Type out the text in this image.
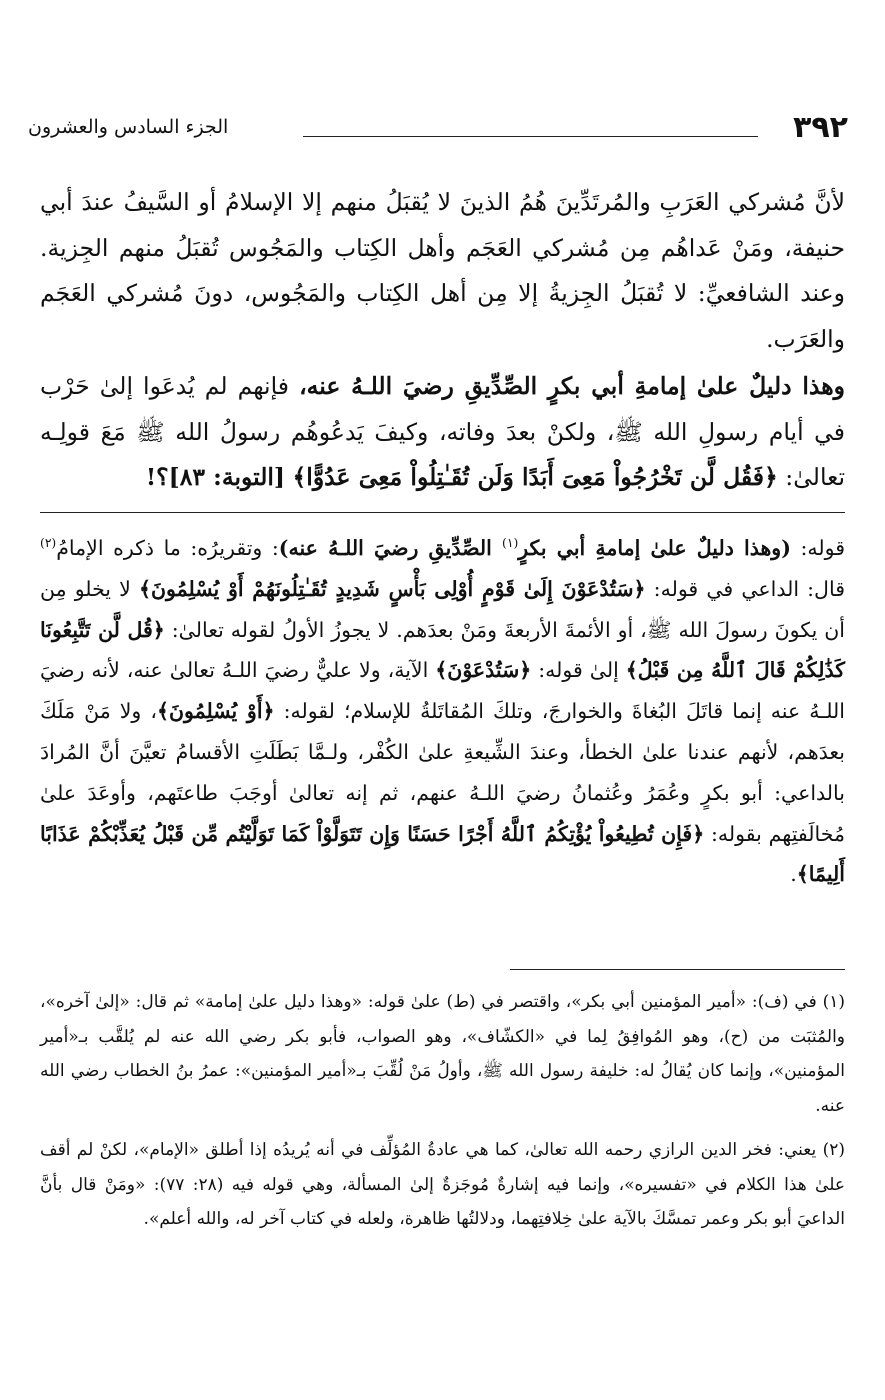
٣٩٢
الجزء السادس والعشرون

لأنَّ مُشركي العَرَبِ والمُرتَدِّينَ هُمُ الذينَ لا يُقبَلُ منهم إلا الإسلامُ أو السَّيفُ عندَ أبي حنيفة، ومَنْ عَداهُم مِن مُشركي العَجَم وأهل الكِتاب والمَجُوس تُقبَلُ منهم الجِزية. وعند الشافعيِّ: لا تُقبَلُ الجِزيةُ إلا مِن أهل الكِتاب والمَجُوس، دونَ مُشركي العَجَم والعَرَب.

وهذا دليلٌ علىٰ إمامةِ أبي بكرٍ الصِّدِّيقِ رضيَ اللـهُ عنه، فإنهم لم يُدعَوا إلىٰ حَرْب في أيام رسولِ الله ﷺ، ولكنْ بعدَ وفاته، وكيفَ يَدعُوهُم رسولُ الله ﷺ مَعَ قولِـه تعالىٰ: ﴿فَقُل لَّن تَخْرُجُواْ مَعِىَ أَبَدًا وَلَن تُقَـٰتِلُواْ مَعِىَ عَدُوًّا﴾ [التوبة: ٨٣]؟!

قوله: (وهذا دليلٌ علىٰ إمامةِ أبي بكرٍ$^{(١)}$ الصِّدِّيقِ رضيَ اللـهُ عنه): وتقريرُه: ما ذكره الإمامُ$^{(٢)}$ قال: الداعي في قوله: ﴿سَتُدْعَوْنَ إِلَىٰ قَوْمٍ أُوْلِى بَأْسٍ شَدِيدٍ تُقَـٰتِلُونَهُمْ أَوْ يُسْلِمُونَ﴾ لا يخلو مِن أن يكونَ رسولَ الله ﷺ، أو الأئمةَ الأربعةَ ومَنْ بعدَهم. لا يجوزُ الأولُ لقوله تعالىٰ: ﴿قُل لَّن تَتَّبِعُونَا كَذَٰلِكُمْ قَالَ ٱللَّهُ مِن قَبْلُ﴾ إلىٰ قوله: ﴿سَتُدْعَوْنَ﴾ الآية، ولا عليٌّ رضيَ اللـهُ تعالىٰ عنه، لأنه رضيَ اللـهُ عنه إنما قاتَلَ البُغاةَ والخوارجَ، وتلكَ المُقاتَلةُ للإسلام؛ لقوله: ﴿أَوْ يُسْلِمُونَ﴾، ولا مَنْ مَلَكَ بعدَهم، لأنهم عندنا علىٰ الخطأ، وعندَ الشِّيعةِ علىٰ الكُفْر، ولـمَّا بَطَلَتِ الأقسامُ تعيَّنَ أنَّ المُرادَ بالداعي: أبو بكرٍ وعُمَرُ وعُثمانُ رضيَ اللـهُ عنهم، ثم إنه تعالىٰ أوجَبَ طاعتَهم، وأوعَدَ علىٰ مُخالَفتِهم بقوله: ﴿فَإِن تُطِيعُواْ يُؤْتِكُمُ ٱللَّهُ أَجْرًا حَسَنًا وَإِن تَتَوَلَّوْاْ كَمَا تَوَلَّيْتُم مِّن قَبْلُ يُعَذِّبْكُمْ عَذَابًا أَلِيمًا﴾.

(١) في (ف): «أمير المؤمنين أبي بكر»، واقتصر في (ط) علىٰ قوله: «وهذا دليل علىٰ إمامة» ثم قال: «إلىٰ آخره»، والمُثبَت من (ح)، وهو المُوافِقُ لِما في «الكشّاف»، وهو الصواب، فأبو بكر رضي الله عنه لم يُلقَّب بـ«أمير المؤمنين»، وإنما كان يُقالُ له: خليفة رسول الله ﷺ، وأولُ مَنْ لُقِّبَ بـ«أمير المؤمنين»: عمرُ بنُ الخطاب رضي الله عنه.

(٢) يعني: فخر الدين الرازي رحمه الله تعالىٰ، كما هي عادةُ المُؤلِّف في أنه يُريدُه إذا أطلق «الإمام»، لكنْ لم أقف علىٰ هذا الكلام في «تفسيره»، وإنما فيه إشارةٌ مُوجَزةٌ إلىٰ المسألة، وهي قوله فيه (٢٨: ٧٧): «ومَنْ قال بأنَّ الداعيَ أبو بكر وعمر تمسَّكَ بالآية علىٰ خِلافتِهما، ودلالتُها ظاهرة، ولعله في كتاب آخر له، والله أعلم».
